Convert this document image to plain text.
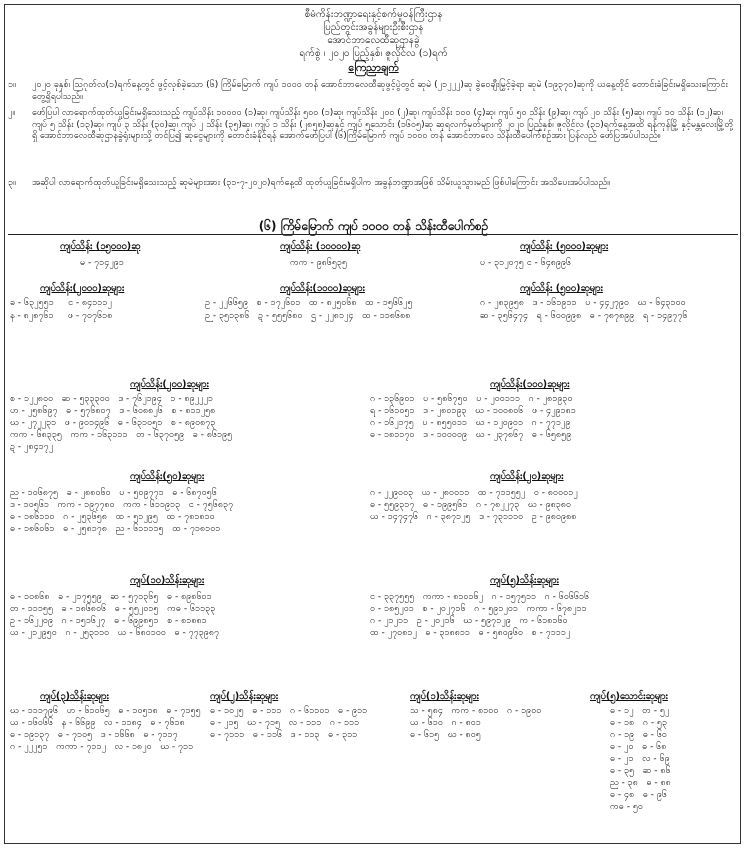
စီမံကိန်းဘဏ္ဍာရေးနှင့်စက်မှုဝန်ကြီးဌာန
ပြည်တွင်းအခွန်များဦးစီးဌာန
အောင်ဘာလေထီဆုဌာနခွဲ
ရက်စွဲ ၊ ၂၀၂၀ ပြည့်နှစ်၊ ဇူလိုင်လ (၁)ရက်
ကြေညာချက်
၁။	၂၀၂၀ ခုနှစ်၊ ဩဂုတ်လ(၁)ရက်နေ့တွင် ဖွင့်လှစ်ခဲ့သော (၆) ကြိမ်မြောက် ကျပ် ၁၀၀၀ တန် အောင်ဘာလေထီဆုဖွင့်ပွဲတွင် ဆုမဲ (၂၁၂၂၂)ဆု ခွဲဝေချီးမြှင့်ခဲ့ရာ ဆုမဲ (၁၉၃၇၀)ဆုကို ယနေ့တိုင် တောင်းခံခြင်းမရှိသေးကြောင်း တွေ့ရှိရပါသည်။
၂။	ဖော်ပြပါ လာရောက်ထုတ်ယူခြင်းမရှိသေးသည့် ကျပ်သိန်း ၁၀၀၀၀ (၁)ဆု၊ ကျပ်သိန်း ၅၀၀ (၁)ဆု၊ ကျပ်သိန်း ၂၀၀ (၂)ဆု၊ ကျပ်သိန်း ၁၀၀ (၄)ဆု၊ ကျပ် ၅၀ သိန်း (၉)ဆု၊ ကျပ် ၂၀ သိန်း (၅)ဆု၊ ကျပ် ၁၀ သိန်း (၁၂)ဆု၊ ကျပ် ၅ သိန်း (၁၃)ဆု၊ ကျပ် ၃ သိန်း (၃၀)ဆု၊ ကျပ် ၂ သိန်း (၃၅)ဆု၊ ကျပ် ၁ သိန်း (၂၈၅၈)ဆုနှင့် ကျပ် ၅သောင်း (၁၆၀၅)ဆု ဆုရလက်မှတ်များကို ၂၀၂၀ ပြည့်နှစ်၊ ဇူလိုင်လ (၃၁)ရက်နေ့အထိ ရန်ကုန်မြို့ နှင့်မန္တလေးမြို့တို့ရှိ အောင်ဘာလေထီဆုဌာနခွဲရုံးများသို့ တင်ပြ၍ ဆုငွေများကို တောင်းခံနိုင်ရန် အောက်ဖော်ပြပါ (၆)ကြိမ်မြောက် ကျပ် ၁၀၀၀ တန် အောင်ဘာလေ သိန်းထီပေါက်စဉ်အား ပြန်လည် ဖော်ပြအပ်ပါသည်။
၃။	အဆိုပါ လာရောက်ထုတ်ယူခြင်းမရှိသေးသည့် ဆုမဲများအား (၃၁-၇-၂၀၂၀)ရက်နေ့ထိ ထုတ်ယူခြင်းမရှိပါက အခွန်ဘဏ္ဍာအဖြစ် သိမ်းယူသွားမည် ဖြစ်ပါကြောင်း အသိပေးအပ်ပါသည်။
(၆) ကြိမ်မြောက် ကျပ် ၁၀၀၀ တန် သိန်းထီပေါက်စဉ်
ကျပ်သိန်း (၁၅၀၀၀)ဆု
မ - ၇၁၄၂၉၁
ကျပ်သိန်း (၁၀၀၀၀)ဆု
ကက - ၉၈၆၅၃၅
ကျပ်သိန်း (၅၀၀၀)ဆုများ
ပ - ၃၁၂၀၇၅ င - ၆၄၈၉၉၆
ကျပ်သိန်း(၂၀၀၀)ဆုများ
ခ - ၆၃၂၅၅၁     င - ၈၄၁၁၁၂
န - ၈၂၈၇၆၁     ဖ - ၇၀၇၆၁၈
ကျပ်သိန်း(၁၀၀၀)ဆုများ
ဥ - ၂၂၆၆၅၉   စ - ၁၇၂၆၀၁   ထ - ၈၂၅၀၆၈   ထ - ၁၅၆၆၂၅
ဉ - ၃၅၁၃၈၆   ဍ - ၅၅၅၆၈၀   ဌ - ၂၂၈၁၂၄   ထ - ၁၁၈၆၈၈
ကျပ်သိန်း (၅၀၀)ဆုများ
ဂ - ၂၈၃၉၅၈   ဒ - ၁၆၁၉၁၁   ပ - ၄၄၂၇၉၀   ဃ - ၆၄၃၁၀၀
ဆ - ၃၅၆၄၇၄   ရ - ၆၀၀၉၉၈   ဓ - ၇၈၇၈၉၉   ရ - ၁၄၉၇၇၆
ကျပ်သိန်း(၂၀၀)ဆုများ
စ - ၁၂၂၈၀၀   ဆ - ၅၃၃၃၀၀   ဒ - ၇၆၂၁၉၄   ၁ - ၈၉၂၂၂၁
ဟ - ၂၅၈၆၉၇   ဓ - ၅၇၆၈၀၇   ဒ - ၆၀၈၈၂၆   စ - ၈၁၁၂၅၈
ဃ - ၂၇၂၂၃၁   ဖ - ၉၀၁၄၉၆   ဓ - ၆၃၁၀၅၁   စ - ၈၉၀၈၇၃
ကက - ၆၈၃၃၅   ကက - ၁၆၃၁၁၁   တ - ၆၃၇၀၅၉   ခ - ၈၆၁၉၅
ဍ - ၂၈၄၁၇၂
ကျပ်သိန်း(၁၀၀)ဆုများ
ဂ - ၁၃၆၉၀၁   ပ - ၅၈၆၇၅၀   ပ - ၂၀၀၁၁၁   ဂ - ၂၈၁၉၃၀
ရ - ၁၆၁၀၅၁   ဒ - ၂၈၀၁၉၃   ဃ - ၁၀၀၈၀၆   ဖ - ၄၂၉၁၈၁
ဂ - ၁၆၂၁၇၅   ပ - ၈၅၅၀၁၁   ဃ - ၁၂၀၉၀၁   ဂ - ၇၇၁၂၉
ဓ - ၁၈၁၁၇၀   ဒ - ၁၀၀၀၀၉   ဃ - ၂၃၇၈၆၇   ဓ - ၆၅၈၅၉
ကျပ်သိန်း(၅၀)ဆုများ
ည - ၁၀၆၈၇၅   ခ - ၂၈၈၀၆၀   ပ - ၅၀၉၇၇၁   ဓ - ၆၈၇၀၅၆
ဒ - ၁၀၅၆၁   ကက - ၁၉၇၇၈၀   ကက - ၆၁၁၉၁၃   င - ၇၅၆၈၃၇
ဓ - ၁၈၆၁၁၀   ဂ - ၂၅၃၆၅၈   ထ - ၅၁၂၉၅   ထ - ၇၈၁၈၁၀
ဓ - ၁၈၆၀၆၁   ဓ - ၂၅၈၁၇၈   ည - ၆၁၁၁၁၅   ထ - ၇၁၈၁၀၁
ကျပ်သိန်း(၂၀)ဆုများ
ဂ - ၂၂၉၀၀၃   ယ - ၂၈၀၀၁၁   ထ - ၇၁၁၅၅၂   ဝ - ၈၀၀၀၁၂
ဓ - ၅၅၉၃၁၇   ဓ - ၁၉၉၅၆၁   ဂ - ၇၈၂၂၇၃   ဃ - ၉၈၃၈၀
ယ - ၁၄၇၄၇၆   ဂ - ၃၈၇၁၂၅   ဒ - ၇၃၁၁၁၀   ဥ - ၉၈၀၉၈၈
ကျပ်(၁၀)သိန်းဆုများ
ဓ - ၁၀၈၆၈   ခ - ၂၁၇၅၅၉   ဆ - ၅၇၁၃၆၅   ဓ - ၈၉၈၆၀၁
တ - ၁၁၁၅၅   ခ - ၁၈၆၈၀၆   ဓ - ၅၅၂၀၁၅   ကဓ - ၆၁၁၃၃
ဥ - ၁၆၂၂၀၉   ဂ - ၁၅၁၆၂၇   ဓ - ၆၉၉၈၅၁   စ - ၈၁၈၈၁
ယ - ၂၁၂၉၅၀   ဂ - ၂၅၃၁၁၀   ယ - ၆၈၀၁၀၀   ဓ - ၇၇၃၉၈၇
ကျပ်(၅)သိန်းဆုများ
င - ၃၃၇၅၅၅   ကကာ - ၈၁၀၁၆၂   ဂ - ၁၅၇၅၁၁   ဂ - ၆၀၆၆၁၆
ဝ - ၁၈၅၂၀၁   စ - ၂၀၂၇၁၆   ဂ - ၅၉၁၂၀၁   ကကာ - ၆၇၈၂၁၁
ဂ - ၂၁၂၁၁   ဥ - ၂၀၂၁၆   ဃ - ၅၉၇၁၂၉   က - ၆၁၈၁၆၀
ထ - ၂၇၀၈၁၂   ဓ - ၃၁၈၈၁၁   ဓ - ၅၈၀၉၆၀   စ - ၇၁၁၁၂
ကျပ်(၃)သိန်းဆုများ
ဃ - ၁၁၁၇၉၆   ဟ - ၆၁၀၆၅   ဓ - ၁၀၅၁၈   ဓ - ၇၁၅၅
ယ - ၁၆၀၆၆   န - ၆၆၉၉   လ - ၁၁၈၄   ဓ - ၇၆၁၈
ဓ - ၁၉၁၃၇   ဓ - ၇၁၀၅   ဒ - ၁၆၆၈   ဓ - ၇၁၁၇
ဂ - ၂၂၂၅၁   ကကာ - ၇၁၁၂   လ - ၁၈၂၀   ဃ - ၇၁၁
ကျပ်(၂)သိန်းဆုများ
ဓ - ၁၀၂၅   ဓ - ၁၁၁   ဂ - ၆၁၁၀၁   ဓ - ၉၁၁
ဓ - ၂၁၅   ဃ - ၇၁၅   လ - ၁၁၁   ဂ - ၁၁၁
ဓ - ၇၁၁၁   ဓ - ၁၁၆   ဒ - ၁၁၃   ဓ - ၃၁၁
ကျပ်(၁)သိန်းဆုများ
သ - ၅၈၄   ကက - ၈၁၀၀   ဂ - ၁၉၀၀
ယ - ၆၁၀   ဂ - ၈၀၁
ဓ - ၆၁၅   ဃ - ၈၀၅
ကျပ်(၅)သောင်းဆုများ
ဓ - ၁၂   တ - ၅၂
ဓ - ၁၈   ဂ - ၅၃
ဂ - ၁၉   ဓ - ၆၀
ဓ - ၂၀   ဓ - ၆၈
ဓ - ၂၁   လ - ၆၉
ဓ - ၃၅   ဆ - ၈၆
ည - ၃၈   ဓ - ၈၈
ဓ - ၄၈   ဓ - ၉၆
ကဓ - ၅၀
